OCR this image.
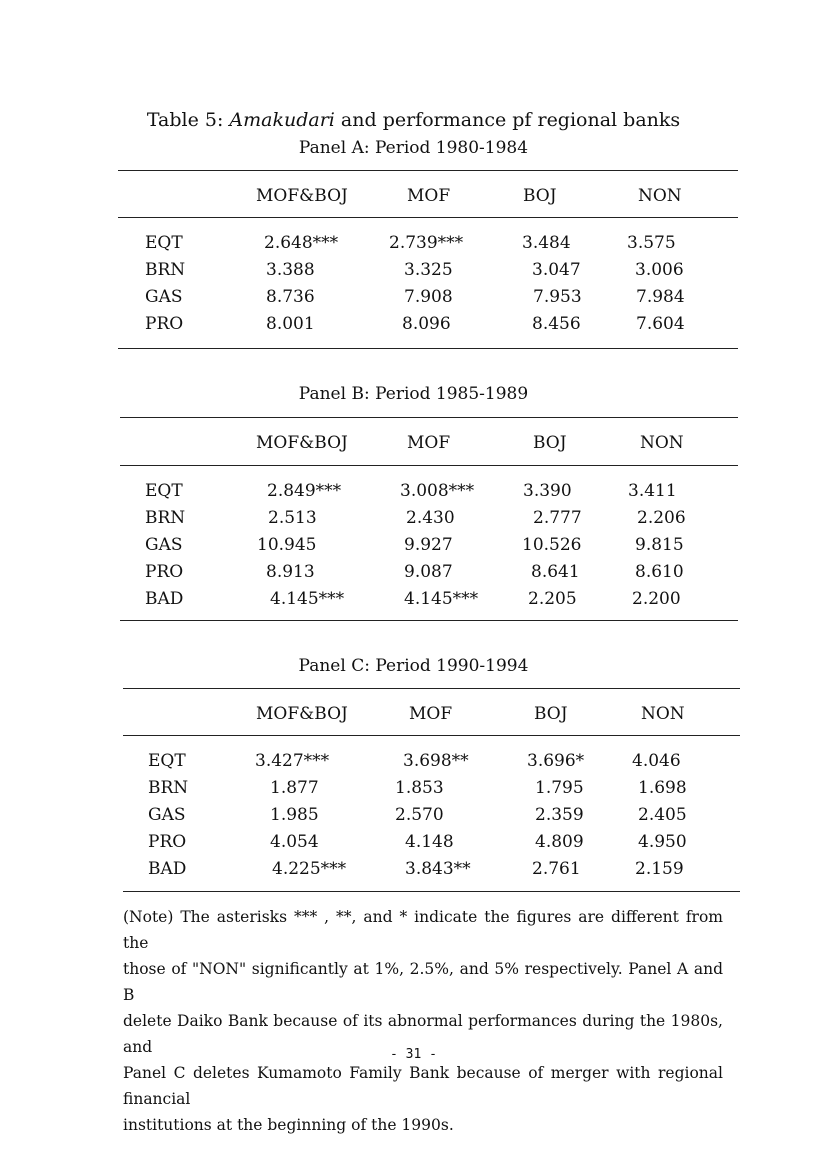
Table 5: Amakudari and performance pf regional banks
Panel A: Period 1980-1984
MOF&BOJ	MOF	BOJ	NON
EQT	2.648***	2.739***	3.484	3.575
BRN	3.388	3.325	3.047	3.006
GAS	8.736	7.908	7.953	7.984
PRO	8.001	8.096	8.456	7.604
Panel B: Period 1985-1989
MOF&BOJ	MOF	BOJ	NON
EQT	2.849***	3.008***	3.390	3.411
BRN	2.513	2.430	2.777	2.206
GAS	10.945	9.927	10.526	9.815
PRO	8.913	9.087	8.641	8.610
BAD	4.145***	4.145***	2.205	2.200
Panel C: Period 1990-1994
MOF&BOJ	MOF	BOJ	NON
EQT	3.427***	3.698**	3.696*	4.046
BRN	1.877	1.853	1.795	1.698
GAS	1.985	2.570	2.359	2.405
PRO	4.054	4.148	4.809	4.950
BAD	4.225***	3.843**	2.761	2.159
(Note) The asterisks *** , **, and * indicate the figures are different from the
those of "NON" significantly at 1%, 2.5%, and 5% respectively. Panel A and B
delete Daiko Bank because of its abnormal performances during the 1980s, and
Panel C deletes Kumamoto Family Bank because of merger with regional financial
institutions at the beginning of the 1990s.
- 31 -
